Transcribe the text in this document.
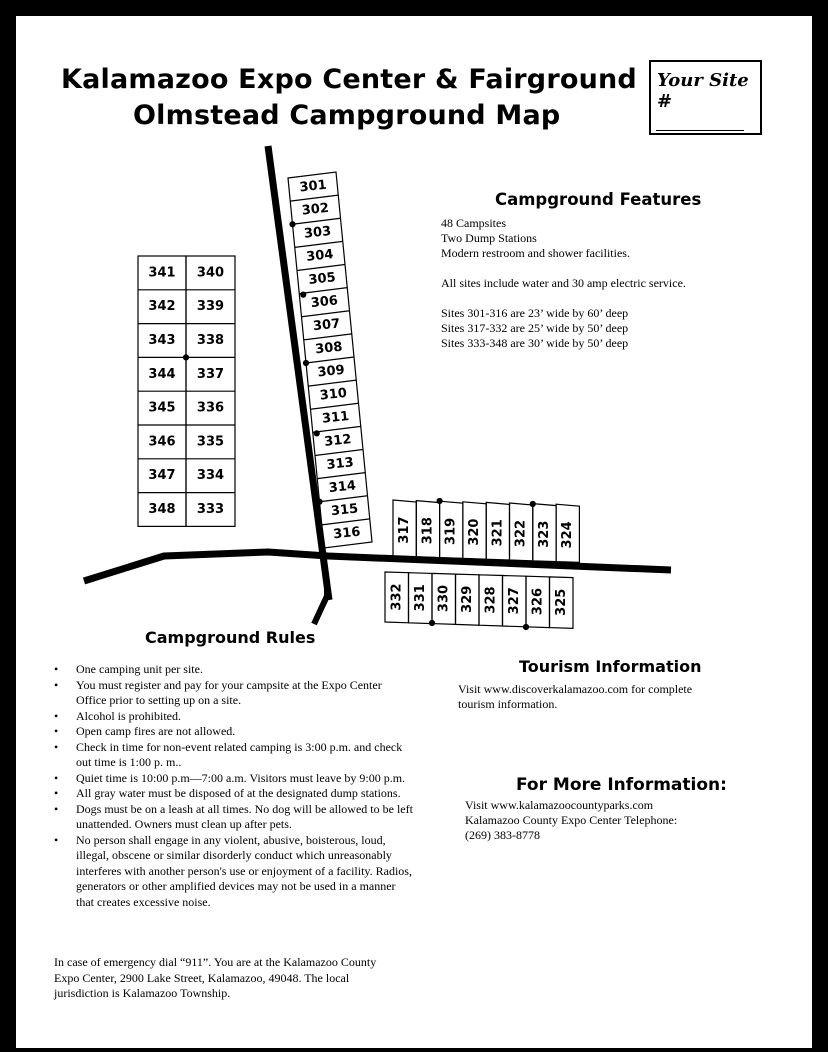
Kalamazoo Expo Center & Fairground
Olmstead Campground Map
Your Site #
341 340
342 339
343 338
344 337
345 336
346 335
347 334
348 333
301
302
303
304
305
306
307
308
309
310
311
312
313
314
315
316	317 318 319 320 321 322 323 324
332 331 330 329 328 327 326 325
Campground Features
48 Campsites
Two Dump Stations
Modern restroom and shower facilities.

All sites include water and 30 amp electric service.

Sites 301-316 are 23’ wide by 60’ deep
Sites 317-332 are 25’ wide by 50’ deep
Sites 333-348 are 30’ wide by 50’ deep
Campground Rules
• One camping unit per site.
• You must register and pay for your campsite at the Expo Center Office prior to setting up on a site.
• Alcohol is prohibited.
• Open camp fires are not allowed.
• Check in time for non-event related camping is 3:00 p.m. and check out time is 1:00 p. m..
• Quiet time is 10:00 p.m—7:00 a.m. Visitors must leave by 9:00 p.m.
• All gray water must be disposed of at the designated dump stations.
• Dogs must be on a leash at all times. No dog will be allowed to be left unattended. Owners must clean up after pets.
• No person shall engage in any violent, abusive, boisterous, loud, illegal, obscene or similar disorderly conduct which unreasonably interferes with another person's use or enjoyment of a facility. Radios, generators or other amplified devices may not be used in a manner that creates excessive noise.
In case of emergency dial “911”. You are at the Kalamazoo County Expo Center, 2900 Lake Street, Kalamazoo, 49048. The local jurisdiction is Kalamazoo Township.
Tourism Information
Visit www.discoverkalamazoo.com for complete
tourism information.
For More Information:
Visit www.kalamazoocountyparks.com
Kalamazoo County Expo Center Telephone:
(269) 383-8778
